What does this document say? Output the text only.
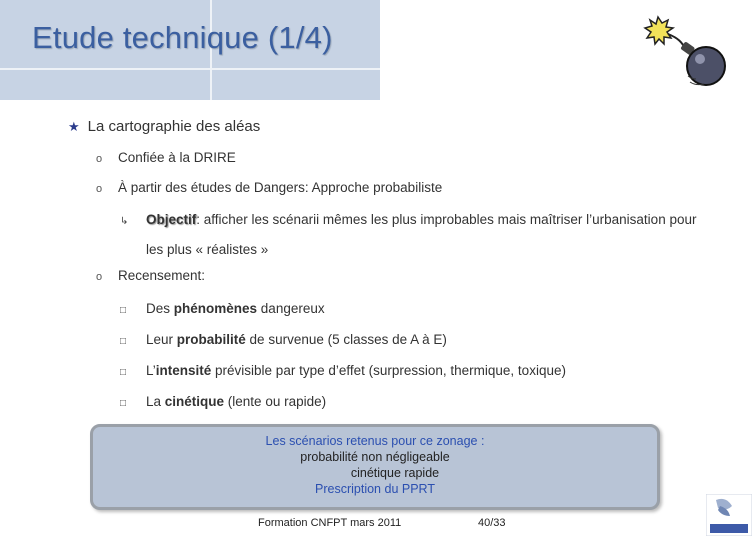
Etude technique (1/4)
★ La cartographie des aléas
o Confiée à la DRIRE
o À partir des études de Dangers: Approche probabiliste
↳ Objectif: afficher les scénarii mêmes les plus improbables mais maîtriser l’urbanisation pour
les plus « réalistes »
o Recensement:
□ Des phénomènes dangereux
□ Leur probabilité de survenue (5 classes de A à E)
□ L’intensité prévisible par type d’effet (surpression, thermique, toxique)
□ La cinétique (lente ou rapide)
Les scénarios retenus pour ce zonage :
probabilité non négligeable
cinétique rapide
Prescription du PPRT
Formation CNFPT mars 2011	40/33
